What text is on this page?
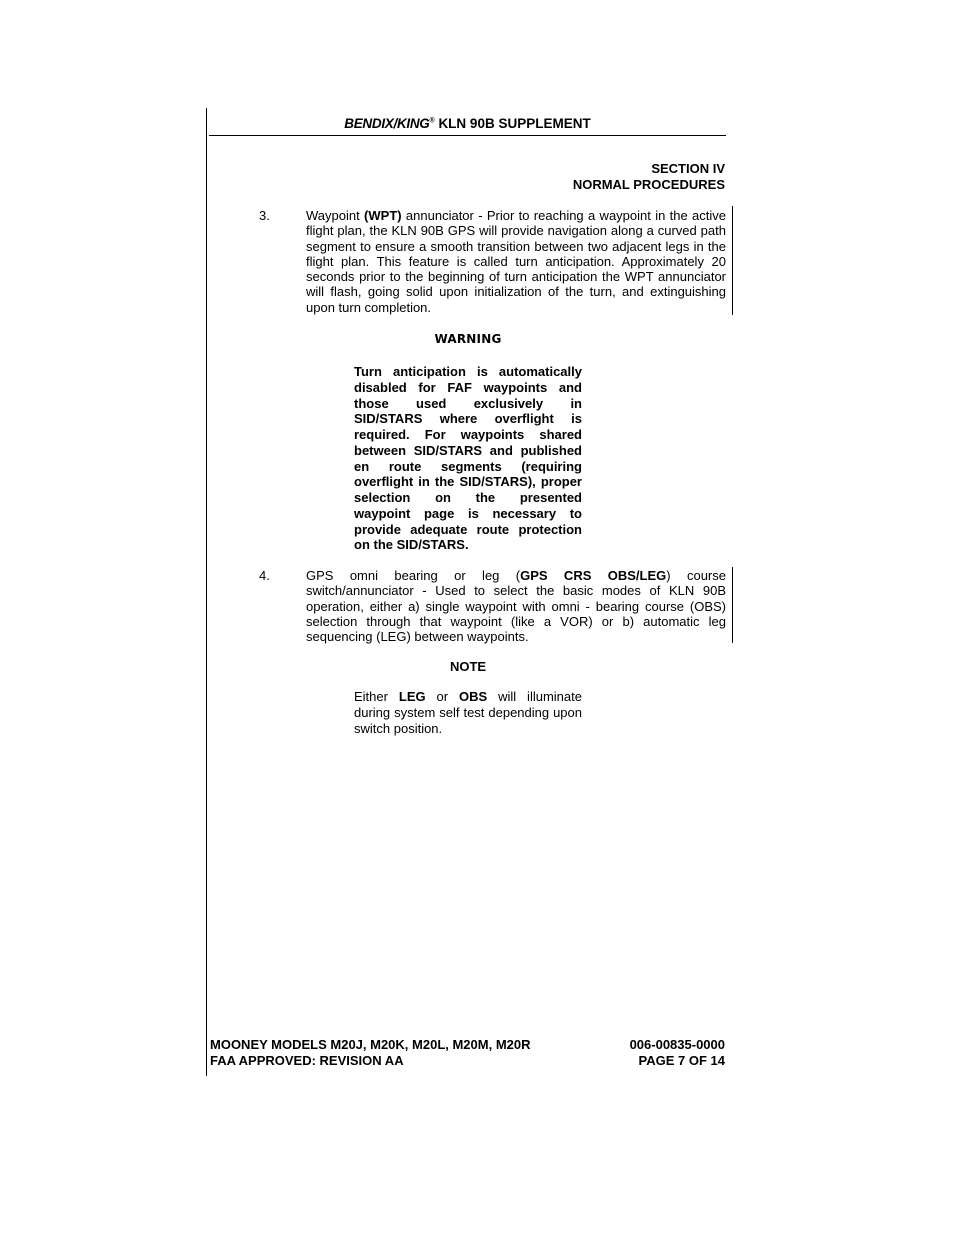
BENDIX/KING® KLN 90B SUPPLEMENT
SECTION IV
NORMAL PROCEDURES
3.	Waypoint (WPT) annunciator - Prior to reaching a waypoint in the active flight plan, the KLN 90B GPS will provide navigation along a curved path segment to ensure a smooth transition between two adjacent legs in the flight plan. This feature is called turn anticipation. Approximately 20 seconds prior to the beginning of turn anticipation the WPT annunciator will flash, going solid upon initialization of the turn, and extinguishing upon turn completion.
WARNING
Turn anticipation is automatically
disabled for FAF waypoints and
those used exclusively in
SID/STARS where overflight is
required. For waypoints shared
between SID/STARS and published
en route segments (requiring
overflight in the SID/STARS), proper
selection on the presented
waypoint page is necessary to
provide adequate route protection
on the SID/STARS.
4.	GPS omni bearing or leg (GPS CRS OBS/LEG) course switch/annunciator - Used to select the basic modes of KLN 90B operation, either a) single waypoint with omni - bearing course (OBS) selection through that waypoint (like a VOR) or b) automatic leg sequencing (LEG) between waypoints.
NOTE
Either LEG or OBS will illuminate during system self test depending upon switch position.
MOONEY MODELS M20J, M20K, M20L, M20M, M20R
FAA APPROVED: REVISION AA
006-00835-0000
PAGE 7 OF 14
